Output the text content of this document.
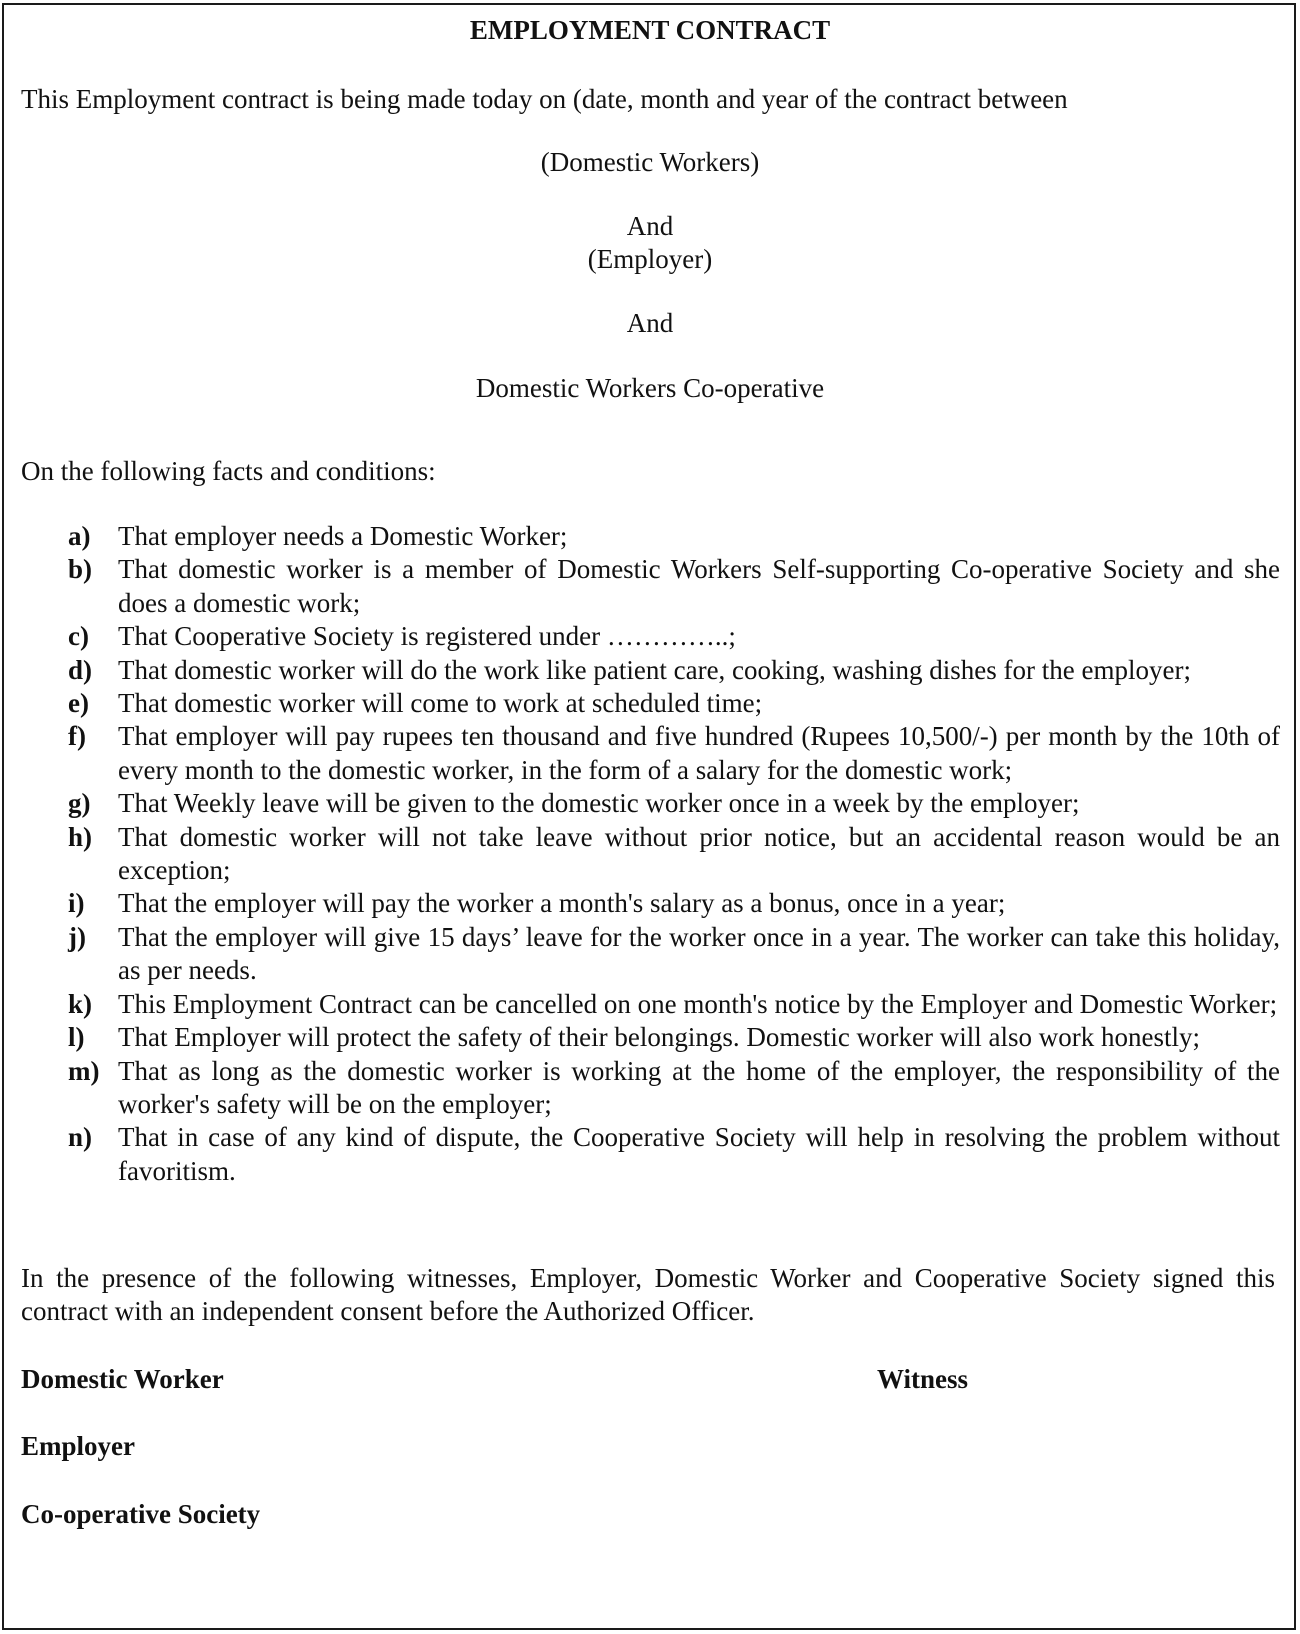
EMPLOYMENT CONTRACT
This Employment contract is being made today on (date, month and year of the contract between
(Domestic Workers)
And
(Employer)
And
Domestic Workers Co-operative
On the following facts and conditions:
a) That employer needs a Domestic Worker;
b) That domestic worker is a member of Domestic Workers Self-supporting Co-operative Society and she does a domestic work;
c) That Cooperative Society is registered under …………..;
d) That domestic worker will do the work like patient care, cooking, washing dishes for the employer;
e) That domestic worker will come to work at scheduled time;
f) That employer will pay rupees ten thousand and five hundred (Rupees 10,500/-) per month by the 10th of every month to the domestic worker, in the form of a salary for the domestic work;
g) That Weekly leave will be given to the domestic worker once in a week by the employer;
h) That domestic worker will not take leave without prior notice, but an accidental reason would be an exception;
i) That the employer will pay the worker a month's salary as a bonus, once in a year;
j) That the employer will give 15 days’ leave for the worker once in a year. The worker can take this holiday, as per needs.
k) This Employment Contract can be cancelled on one month's notice by the Employer and Domestic Worker;
l) That Employer will protect the safety of their belongings. Domestic worker will also work honestly;
m) That as long as the domestic worker is working at the home of the employer, the responsibility of the worker's safety will be on the employer;
n) That in case of any kind of dispute, the Cooperative Society will help in resolving the problem without favoritism.
In the presence of the following witnesses, Employer, Domestic Worker and Cooperative Society signed this contract with an independent consent before the Authorized Officer.
Domestic Worker	Witness
Employer
Co-operative Society
